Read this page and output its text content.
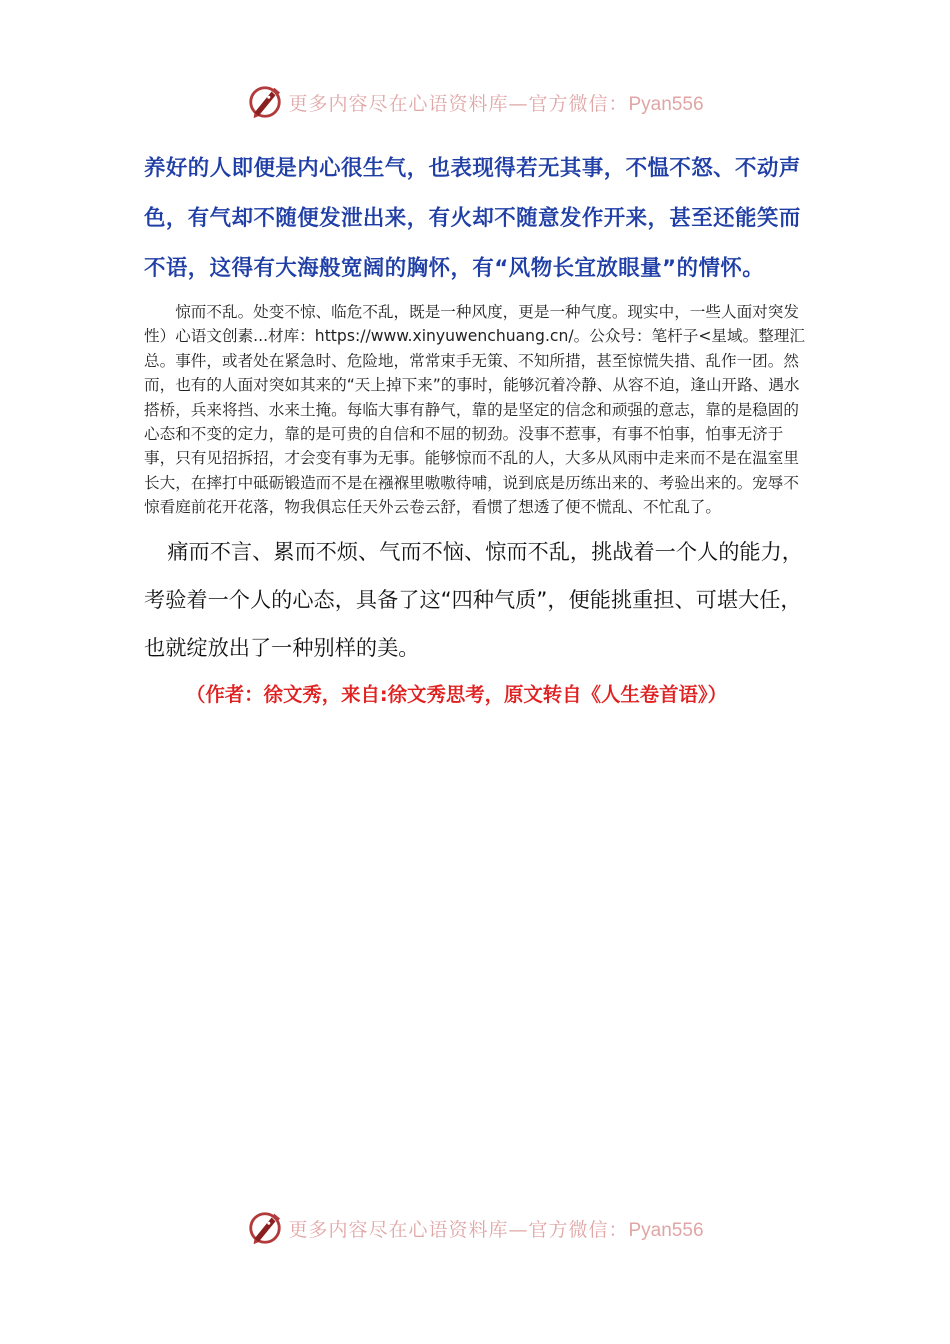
更多内容尽在心语资料库—官方微信：Pyan556

养好的人即便是内心很生气，也表现得若无其事，不愠不怒、不动声色，有气却不随便发泄出来，有火却不随意发作开来，甚至还能笑而不语，这得有大海般宽阔的胸怀，有“风物长宜放眼量”的情怀。

惊而不乱。处变不惊、临危不乱，既是一种风度，更是一种气度。现实中，一些人面对突发性）心语文创素...材库：https://www.xinyuwenchuang.cn/。公众号：笔杆子<星域。整理汇总。事件，或者处在紧急时、危险地，常常束手无策、不知所措，甚至惊慌失措、乱作一团。然而，也有的人面对突如其来的“天上掉下来”的事时，能够沉着冷静、从容不迫，逢山开路、遇水搭桥，兵来将挡、水来土掩。每临大事有静气，靠的是坚定的信念和顽强的意志，靠的是稳固的心态和不变的定力，靠的是可贵的自信和不屈的韧劲。没事不惹事，有事不怕事，怕事无济于事，只有见招拆招，才会变有事为无事。能够惊而不乱的人，大多从风雨中走来而不是在温室里长大，在摔打中砥砺锻造而不是在襁褓里嗷嗷待哺，说到底是历练出来的、考验出来的。宠辱不惊看庭前花开花落，物我俱忘任天外云卷云舒，看惯了想透了便不慌乱、不忙乱了。

痛而不言、累而不烦、气而不恼、惊而不乱，挑战着一个人的能力，考验着一个人的心态，具备了这“四种气质”，便能挑重担、可堪大任，也就绽放出了一种别样的美。

（作者：徐文秀，来自:徐文秀思考，原文转自《人生卷首语》）

更多内容尽在心语资料库—官方微信：Pyan556
